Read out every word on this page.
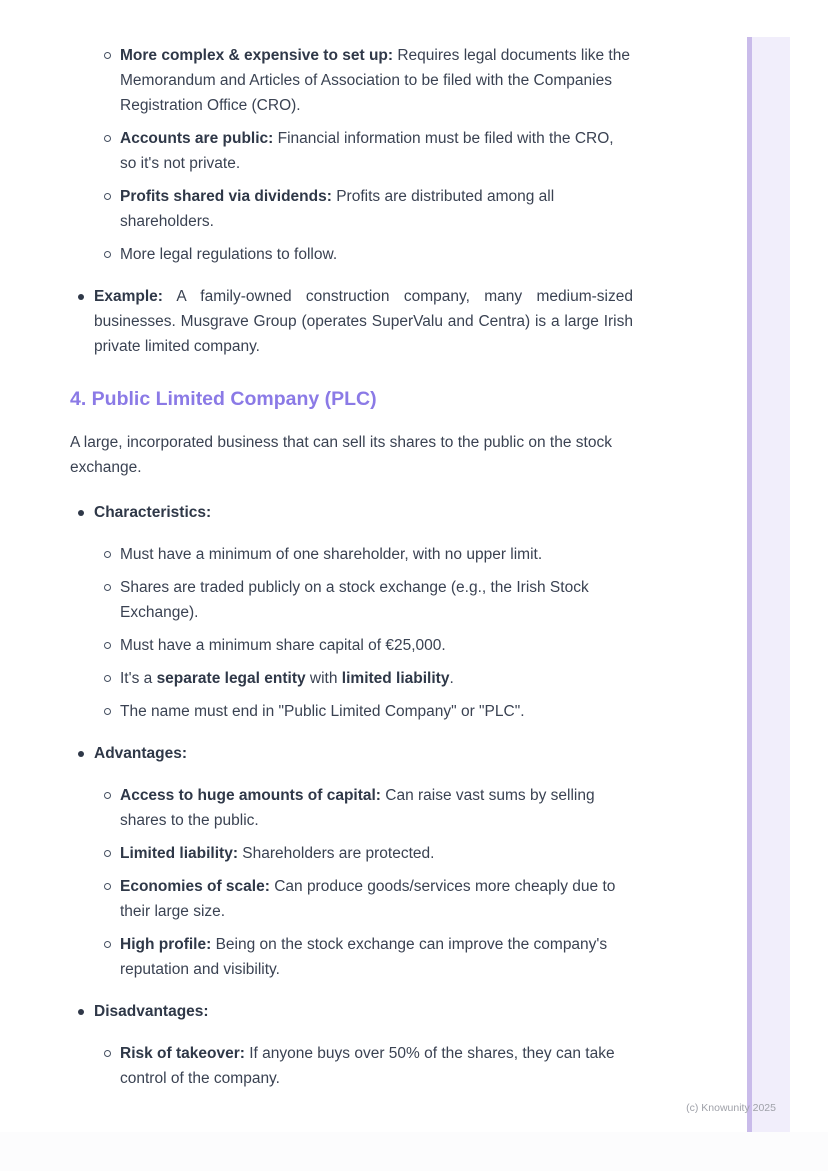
More complex & expensive to set up: Requires legal documents like the Memorandum and Articles of Association to be filed with the Companies Registration Office (CRO).
Accounts are public: Financial information must be filed with the CRO, so it's not private.
Profits shared via dividends: Profits are distributed among all shareholders.
More legal regulations to follow.
Example: A family-owned construction company, many medium-sized businesses. Musgrave Group (operates SuperValu and Centra) is a large Irish private limited company.
4. Public Limited Company (PLC)
A large, incorporated business that can sell its shares to the public on the stock exchange.
Characteristics:
Must have a minimum of one shareholder, with no upper limit.
Shares are traded publicly on a stock exchange (e.g., the Irish Stock Exchange).
Must have a minimum share capital of €25,000.
It's a separate legal entity with limited liability.
The name must end in "Public Limited Company" or "PLC".
Advantages:
Access to huge amounts of capital: Can raise vast sums by selling shares to the public.
Limited liability: Shareholders are protected.
Economies of scale: Can produce goods/services more cheaply due to their large size.
High profile: Being on the stock exchange can improve the company's reputation and visibility.
Disadvantages:
Risk of takeover: If anyone buys over 50% of the shares, they can take control of the company.
(c) Knowunity 2025
